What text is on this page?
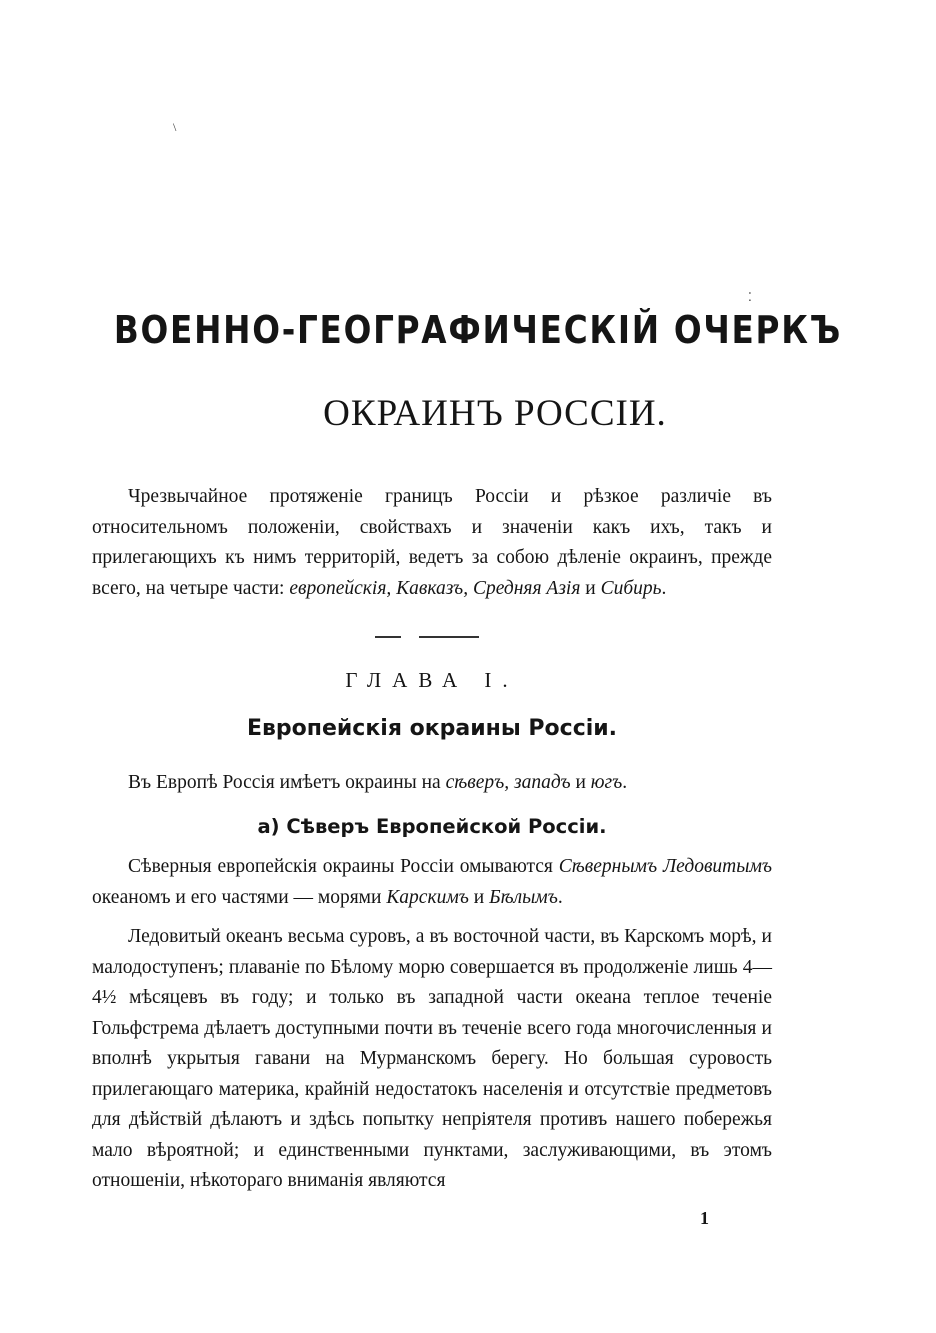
\
⁚
ВОЕННО-ГЕОГРАФИЧЕСКІЙ ОЧЕРКЪ
ОКРАИНЪ РОССІИ.

Чрезвычайное протяженіе границъ Россіи и рѣзкое различіе въ относительномъ положеніи, свойствахъ и значеніи какъ ихъ, такъ и прилегающихъ къ нимъ территорій, ведетъ за собою дѣленіе окраинъ, прежде всего, на четыре части: европейскія, Кавказъ, Средняя Азія и Сибирь.

ГЛАВА I.
Европейскія окраины Россіи.

Въ Европѣ Россія имѣетъ окраины на сѣверъ, западъ и югъ.

а) Сѣверъ Европейской Россіи.

Сѣверныя европейскія окраины Россіи омываются Сѣвернымъ Ледовитымъ океаномъ и его частями — морями Карскимъ и Бѣлымъ.

Ледовитый океанъ весьма суровъ, а въ восточной части, въ Карскомъ морѣ, и малодоступенъ; плаваніе по Бѣлому морю совершается въ продолженіе лишь 4—4½ мѣсяцевъ въ году; и только въ западной части океана теплое теченіе Гольфстрема дѣлаетъ доступными почти въ теченіе всего года многочисленныя и вполнѣ укрытыя гавани на Мурманскомъ берегу. Но большая суровость прилегающаго материка, крайній недостатокъ населенія и отсутствіе предметовъ для дѣйствій дѣлаютъ и здѣсь попытку непріятеля противъ нашего побережья мало вѣроятной; и единственными пунктами, заслуживающими, въ этомъ отношеніи, нѣкотораго вниманія являются

1
